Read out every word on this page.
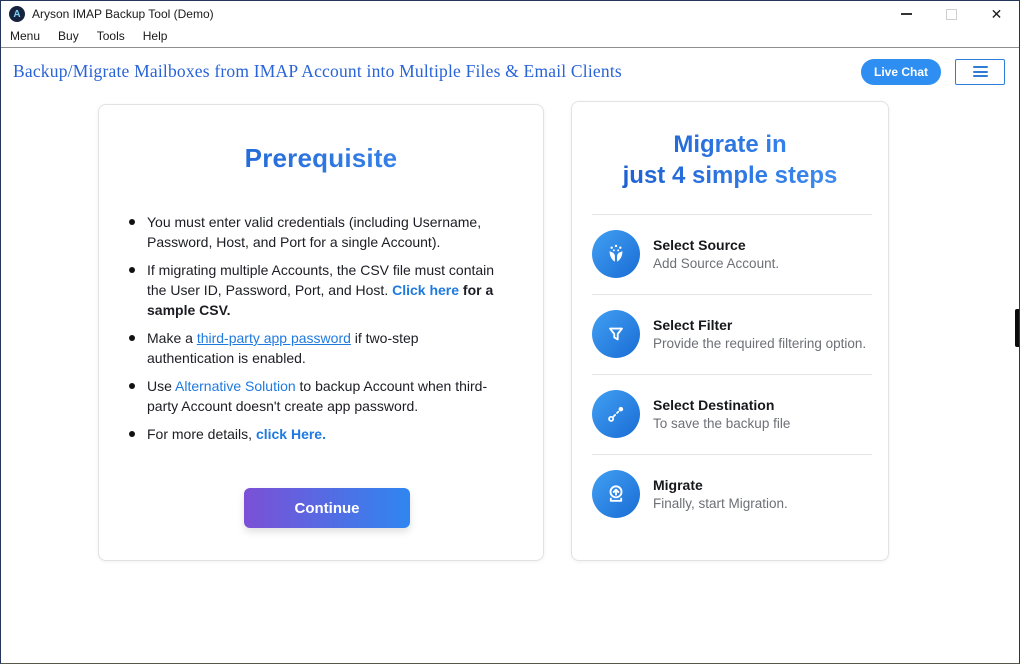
A Aryson IMAP Backup Tool (Demo)	✕
Menu	Buy	Tools	Help
Backup/Migrate Mailboxes from IMAP Account into Multiple Files & Email Clients	Live Chat
Prerequisite
You must enter valid credentials (including Username, Password, Host, and Port for a single Account).
If migrating multiple Accounts, the CSV file must contain the User ID, Password, Port, and Host. Click here for a sample CSV.
Make a third-party app password if two-step authentication is enabled.
Use Alternative Solution to backup Account when third-party Account doesn't create app password.
For more details, click Here.
Continue
Migrate in
just 4 simple steps
Select Source
Add Source Account.
Select Filter
Provide the required filtering option.
Select Destination
To save the backup file
Migrate
Finally, start Migration.
